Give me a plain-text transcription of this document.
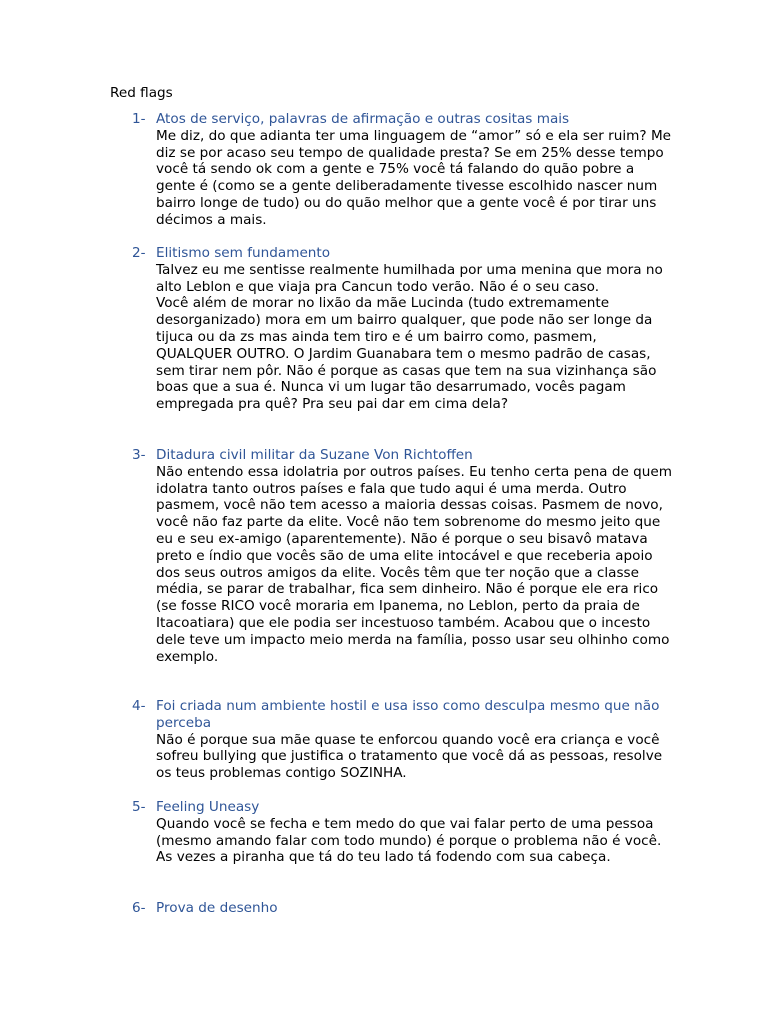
Red flags
1- Atos de serviço, palavras de afirmação e outras cositas mais

Me diz, do que adianta ter uma linguagem de “amor” só e ela ser ruim? Me diz se por acaso seu tempo de qualidade presta? Se em 25% desse tempo você tá sendo ok com a gente e 75% você tá falando do quão pobre a gente é (como se a gente deliberadamente tivesse escolhido nascer num bairro longe de tudo) ou do quão melhor que a gente você é por tirar uns décimos a mais.

2- Elitismo sem fundamento

Talvez eu me sentisse realmente humilhada por uma menina que mora no alto Leblon e que viaja pra Cancun todo verão. Não é o seu caso.

Você além de morar no lixão da mãe Lucinda (tudo extremamente desorganizado) mora em um bairro qualquer, que pode não ser longe da tijuca ou da zs mas ainda tem tiro e é um bairro como, pasmem, QUALQUER OUTRO. O Jardim Guanabara tem o mesmo padrão de casas, sem tirar nem pôr. Não é porque as casas que tem na sua vizinhança são boas que a sua é. Nunca vi um lugar tão desarrumado, vocês pagam empregada pra quê? Pra seu pai dar em cima dela?

3- Ditadura civil militar da Suzane Von Richtoffen

Não entendo essa idolatria por outros países. Eu tenho certa pena de quem idolatra tanto outros países e fala que tudo aqui é uma merda. Outro pasmem, você não tem acesso a maioria dessas coisas. Pasmem de novo, você não faz parte da elite. Você não tem sobrenome do mesmo jeito que eu e seu ex-amigo (aparentemente). Não é porque o seu bisavô matava preto e índio que vocês são de uma elite intocável e que receberia apoio dos seus outros amigos da elite. Vocês têm que ter noção que a classe média, se parar de trabalhar, fica sem dinheiro. Não é porque ele era rico (se fosse RICO você moraria em Ipanema, no Leblon, perto da praia de Itacoatiara) que ele podia ser incestuoso também. Acabou que o incesto dele teve um impacto meio merda na família, posso usar seu olhinho como exemplo.

4- Foi criada num ambiente hostil e usa isso como desculpa mesmo que não perceba

Não é porque sua mãe quase te enforcou quando você era criança e você sofreu bullying que justifica o tratamento que você dá as pessoas, resolve os teus problemas contigo SOZINHA.

5- Feeling Uneasy

Quando você se fecha e tem medo do que vai falar perto de uma pessoa (mesmo amando falar com todo mundo) é porque o problema não é você. As vezes a piranha que tá do teu lado tá fodendo com sua cabeça.

6- Prova de desenho
